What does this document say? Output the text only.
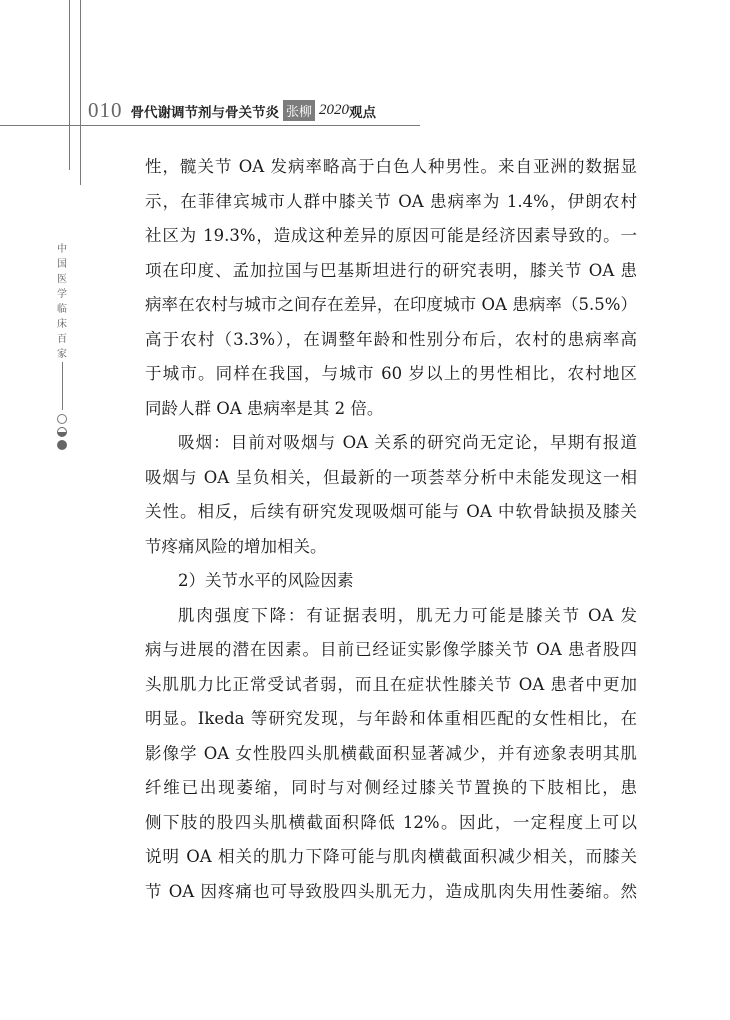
010 骨代谢调节剂与骨关节炎 张柳 2020 观点
中
国
医
学
临
床
百
家
性，髋关节 OA 发病率略高于白色人种男性。来自亚洲的数据显
示，在菲律宾城市人群中膝关节 OA 患病率为 1.4%，伊朗农村
社区为 19.3%，造成这种差异的原因可能是经济因素导致的。一
项在印度、孟加拉国与巴基斯坦进行的研究表明，膝关节 OA 患
病率在农村与城市之间存在差异，在印度城市 OA 患病率（5.5%）
高于农村（3.3%），在调整年龄和性别分布后，农村的患病率高
于城市。同样在我国，与城市 60 岁以上的男性相比，农村地区
同龄人群 OA 患病率是其 2 倍。
吸烟：目前对吸烟与 OA 关系的研究尚无定论，早期有报道
吸烟与 OA 呈负相关，但最新的一项荟萃分析中未能发现这一相
关性。相反，后续有研究发现吸烟可能与 OA 中软骨缺损及膝关
节疼痛风险的增加相关。
2）关节水平的风险因素
肌肉强度下降：有证据表明，肌无力可能是膝关节 OA 发
病与进展的潜在因素。目前已经证实影像学膝关节 OA 患者股四
头肌肌力比正常受试者弱，而且在症状性膝关节 OA 患者中更加
明显。Ikeda 等研究发现，与年龄和体重相匹配的女性相比，在
影像学 OA 女性股四头肌横截面积显著减少，并有迹象表明其肌
纤维已出现萎缩，同时与对侧经过膝关节置换的下肢相比，患
侧下肢的股四头肌横截面积降低 12%。因此，一定程度上可以
说明 OA 相关的肌力下降可能与肌肉横截面积减少相关，而膝关
节 OA 因疼痛也可导致股四头肌无力，造成肌肉失用性萎缩。然
